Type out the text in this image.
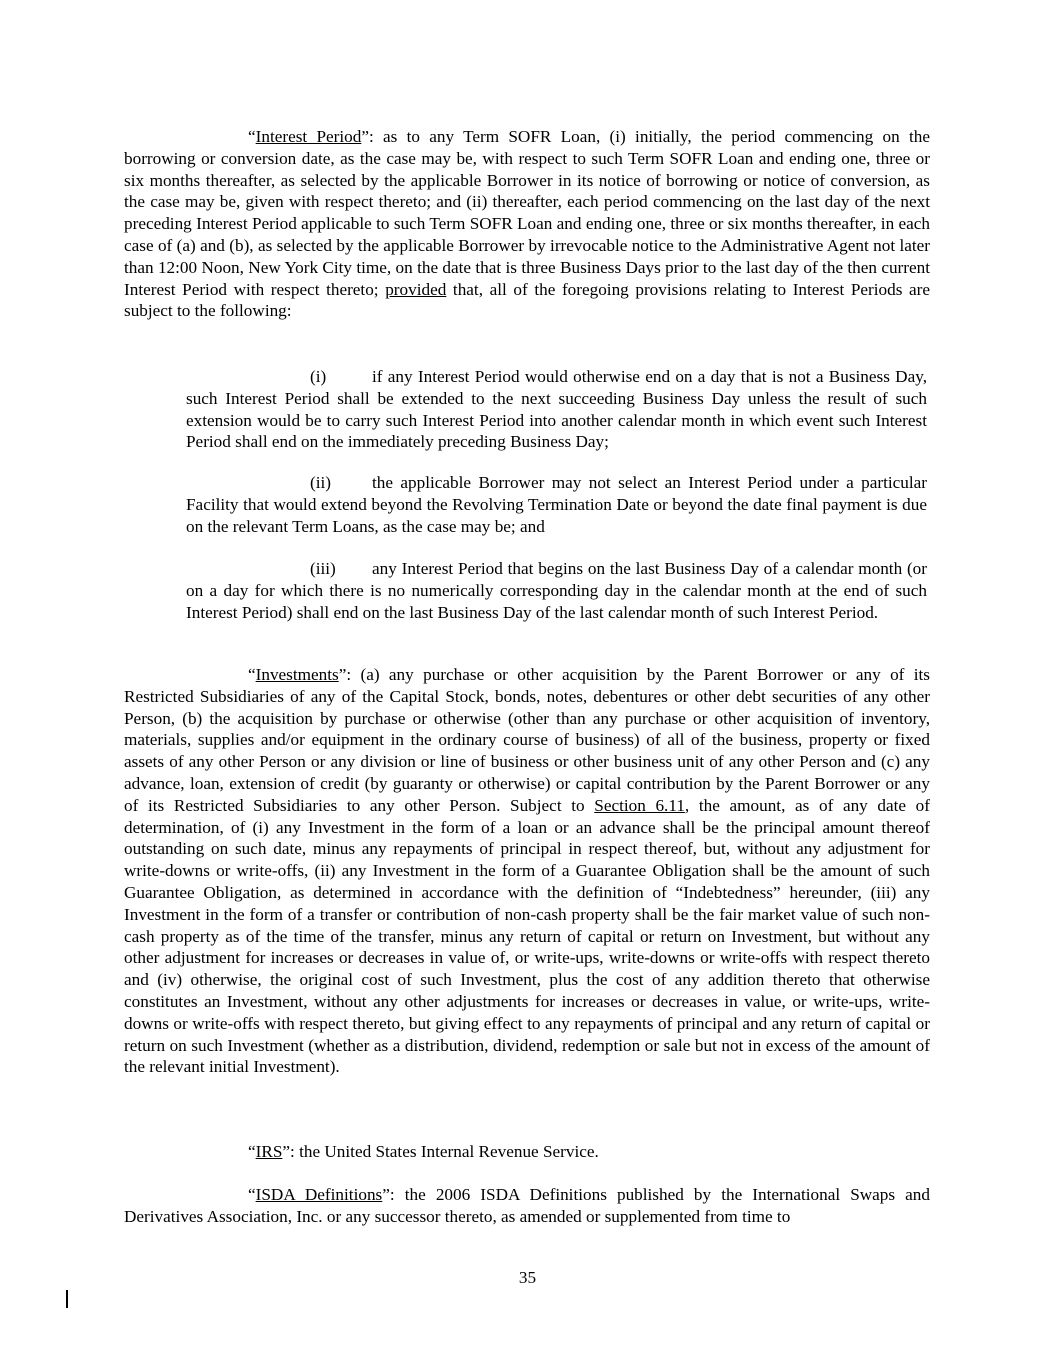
“Interest Period”: as to any Term SOFR Loan, (i) initially, the period commencing on the borrowing or conversion date, as the case may be, with respect to such Term SOFR Loan and ending one, three or six months thereafter, as selected by the applicable Borrower in its notice of borrowing or notice of conversion, as the case may be, given with respect thereto; and (ii) thereafter, each period commencing on the last day of the next preceding Interest Period applicable to such Term SOFR Loan and ending one, three or six months thereafter, in each case of (a) and (b), as selected by the applicable Borrower by irrevocable notice to the Administrative Agent not later than 12:00 Noon, New York City time, on the date that is three Business Days prior to the last day of the then current Interest Period with respect thereto; provided that, all of the foregoing provisions relating to Interest Periods are subject to the following:

(i)	if any Interest Period would otherwise end on a day that is not a Business Day, such Interest Period shall be extended to the next succeeding Business Day unless the result of such extension would be to carry such Interest Period into another calendar month in which event such Interest Period shall end on the immediately preceding Business Day;

(ii) the applicable Borrower may not select an Interest Period under a particular Facility that would extend beyond the Revolving Termination Date or beyond the date final payment is due on the relevant Term Loans, as the case may be; and

(iii) any Interest Period that begins on the last Business Day of a calendar month (or on a day for which there is no numerically corresponding day in the calendar month at the end of such Interest Period) shall end on the last Business Day of the last calendar month of such Interest Period.

“Investments”: (a) any purchase or other acquisition by the Parent Borrower or any of its Restricted Subsidiaries of any of the Capital Stock, bonds, notes, debentures or other debt securities of any other Person, (b) the acquisition by purchase or otherwise (other than any purchase or other acquisition of inventory, materials, supplies and/or equipment in the ordinary course of business) of all of the business, property or fixed assets of any other Person or any division or line of business or other business unit of any other Person and (c) any advance, loan, extension of credit (by guaranty or otherwise) or capital contribution by the Parent Borrower or any of its Restricted Subsidiaries to any other Person. Subject to Section 6.11, the amount, as of any date of determination, of (i) any Investment in the form of a loan or an advance shall be the principal amount thereof outstanding on such date, minus any repayments of principal in respect thereof, but, without any adjustment for write-downs or write-offs, (ii) any Investment in the form of a Guarantee Obligation shall be the amount of such Guarantee Obligation, as determined in accordance with the definition of “Indebtedness” hereunder, (iii) any Investment in the form of a transfer or contribution of non-cash property shall be the fair market value of such non-cash property as of the time of the transfer, minus any return of capital or return on Investment, but without any other adjustment for increases or decreases in value of, or write-ups, write-downs or write-offs with respect thereto and (iv) otherwise, the original cost of such Investment, plus the cost of any addition thereto that otherwise constitutes an Investment, without any other adjustments for increases or decreases in value, or write-ups, write-downs or write-offs with respect thereto, but giving effect to any repayments of principal and any return of capital or return on such Investment (whether as a distribution, dividend, redemption or sale but not in excess of the amount of the relevant initial Investment).

“IRS”: the United States Internal Revenue Service.

“ISDA Definitions”: the 2006 ISDA Definitions published by the International Swaps and Derivatives Association, Inc. or any successor thereto, as amended or supplemented from time to

35
